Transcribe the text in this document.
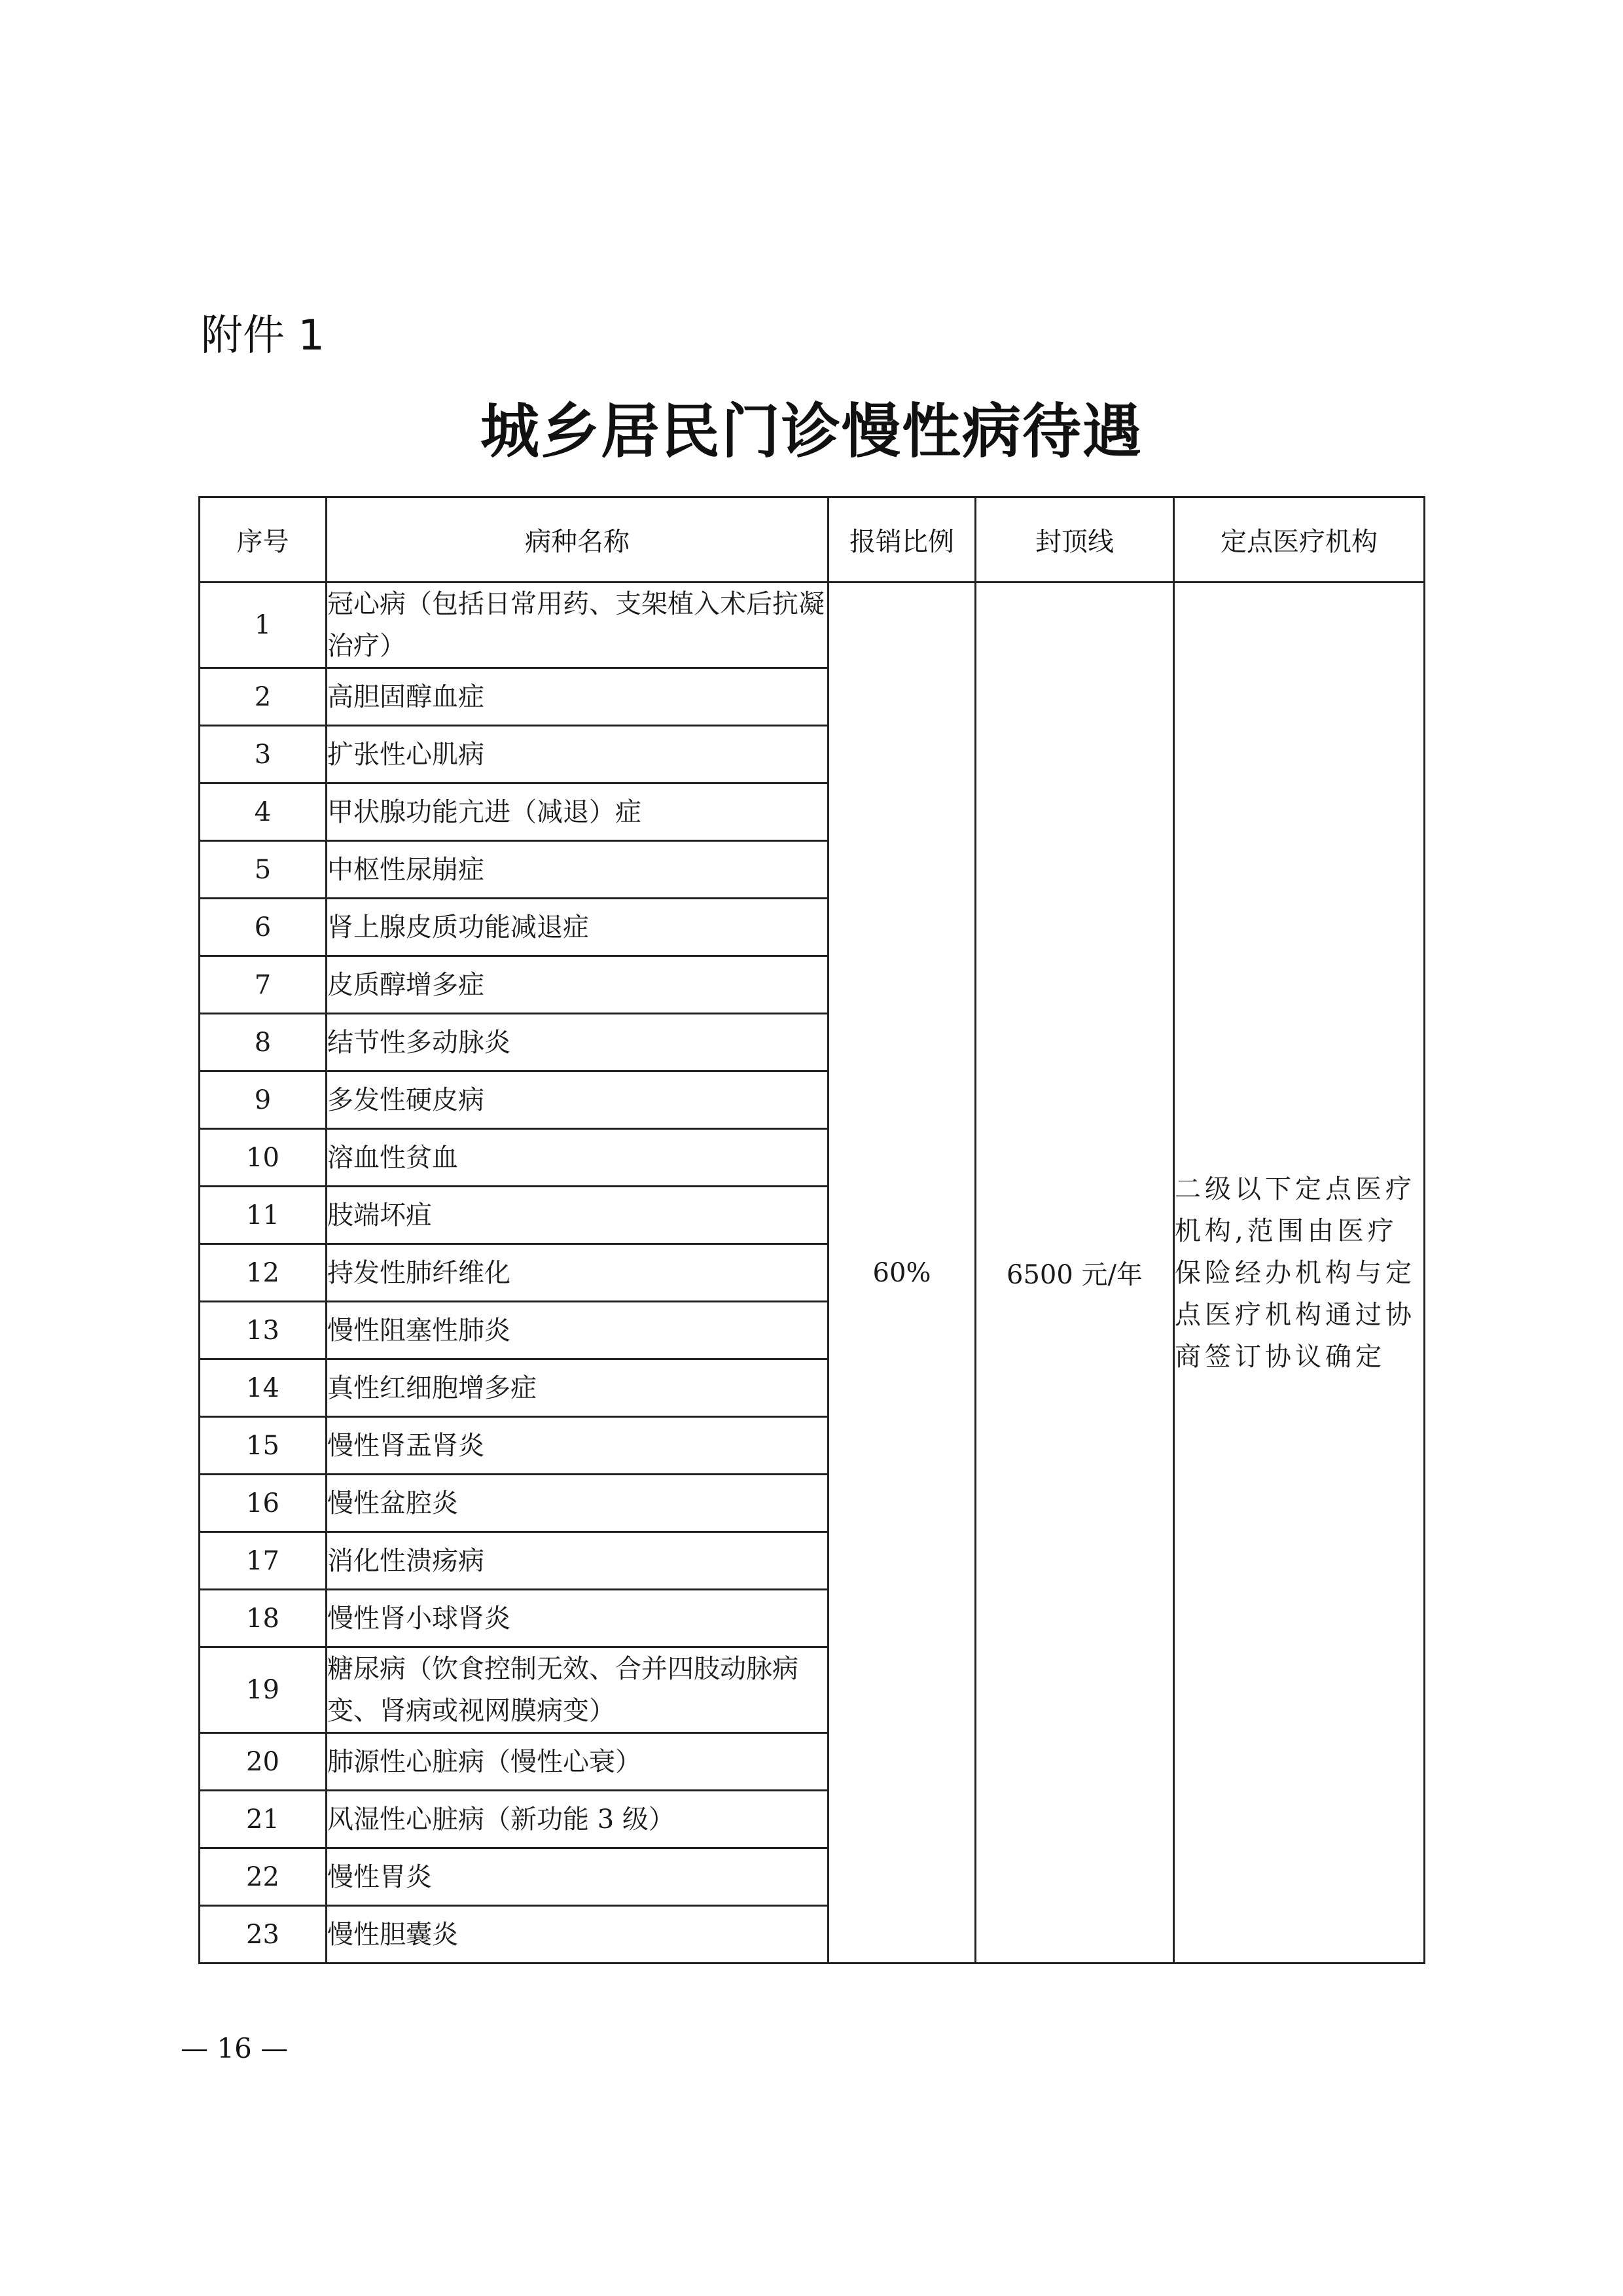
附件 1
城乡居民门诊慢性病待遇
序号	病种名称	报销比例	封顶线	定点医疗机构
1	冠心病（包括日常用药、支架植入术后抗凝治疗）	60%	6500 元/年	二级以下定点医疗机构,范围由医疗保险经办机构与定点医疗机构通过协商签订协议确定
2	高胆固醇血症			
3	扩张性心肌病			
4	甲状腺功能亢进（减退）症			
5	中枢性尿崩症			
6	肾上腺皮质功能减退症			
7	皮质醇增多症			
8	结节性多动脉炎			
9	多发性硬皮病			
10	溶血性贫血			
11	肢端坏疽			
12	持发性肺纤维化			
13	慢性阻塞性肺炎			
14	真性红细胞增多症			
15	慢性肾盂肾炎			
16	慢性盆腔炎			
17	消化性溃疡病			
18	慢性肾小球肾炎			
19	糖尿病（饮食控制无效、合并四肢动脉病变、肾病或视网膜病变）			
20	肺源性心脏病（慢性心衰）			
21	风湿性心脏病（新功能 3 级）			
22	慢性胃炎			
23	慢性胆囊炎			
— 16 —
